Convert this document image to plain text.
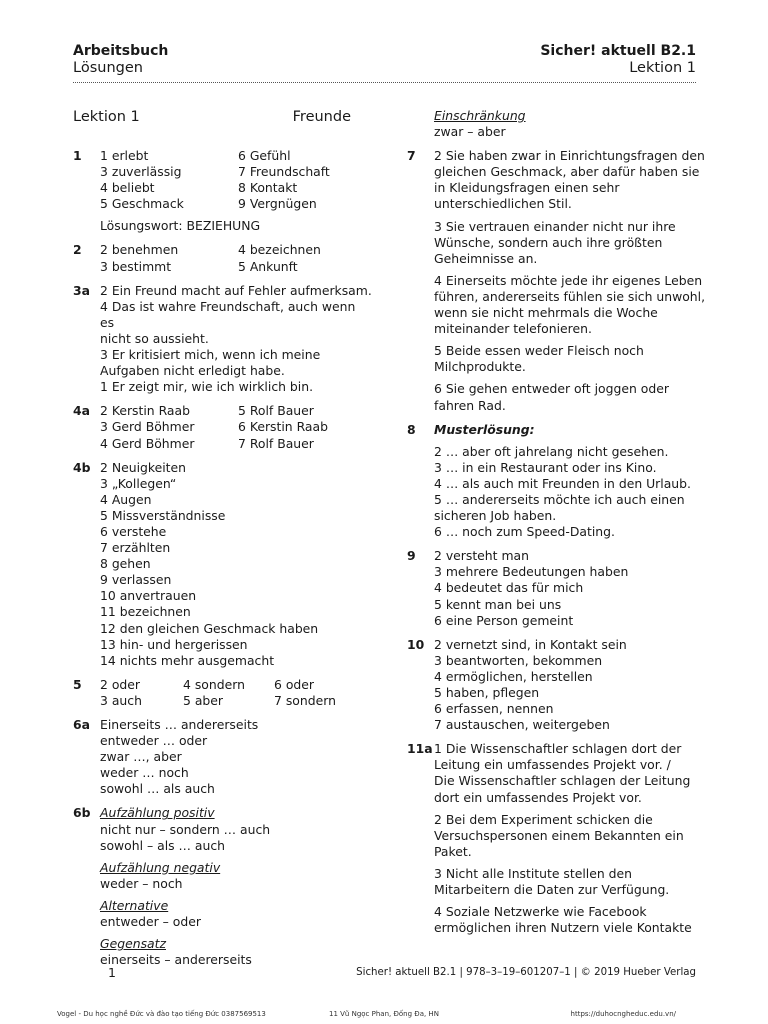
Arbeitsbuch
Lösungen
Sicher! aktuell B2.1
Lektion 1
Lektion 1	Freunde
1 1 erlebt	6 Gefühl
3 zuverlässig	7 Freundschaft
4 beliebt	8 Kontakt
5 Geschmack	9 Vergnügen
Lösungswort: BEZIEHUNG
2 2 benehmen	4 bezeichnen
3 bestimmt	5 Ankunft
3a 2 Ein Freund macht auf Fehler aufmerksam.
4 Das ist wahre Freundschaft, auch wenn es
nicht so aussieht.
3 Er kritisiert mich, wenn ich meine
Aufgaben nicht erledigt habe.
1 Er zeigt mir, wie ich wirklich bin.
4a 2 Kerstin Raab	5 Rolf Bauer
3 Gerd Böhmer	6 Kerstin Raab
4 Gerd Böhmer	7 Rolf Bauer
4b 2 Neuigkeiten
3 „Kollegen“
4 Augen
5 Missverständnisse
6 verstehe
7 erzählten
8 gehen
9 verlassen
10 anvertrauen
11 bezeichnen
12 den gleichen Geschmack haben
13 hin- und hergerissen
14 nichts mehr ausgemacht
5 2 oder	4 sondern	6 oder
3 auch	5 aber	7 sondern
6a Einerseits … andererseits
entweder … oder
zwar …, aber
weder … noch
sowohl … als auch
6b Aufzählung positiv
nicht nur – sondern … auch
sowohl – als … auch
Aufzählung negativ
weder – noch
Alternative
entweder – oder
Gegensatz
einerseits – andererseits
Einschränkung
zwar – aber
7 2 Sie haben zwar in Einrichtungsfragen den
gleichen Geschmack, aber dafür haben sie
in Kleidungsfragen einen sehr
unterschiedlichen Stil.
3 Sie vertrauen einander nicht nur ihre
Wünsche, sondern auch ihre größten
Geheimnisse an.
4 Einerseits möchte jede ihr eigenes Leben
führen, andererseits fühlen sie sich unwohl,
wenn sie nicht mehrmals die Woche
miteinander telefonieren.
5 Beide essen weder Fleisch noch
Milchprodukte.
6 Sie gehen entweder oft joggen oder
fahren Rad.
8 Musterlösung:
2 … aber oft jahrelang nicht gesehen.
3 … in ein Restaurant oder ins Kino.
4 … als auch mit Freunden in den Urlaub.
5 … andererseits möchte ich auch einen
sicheren Job haben.
6 … noch zum Speed-Dating.
9 2 versteht man
3 mehrere Bedeutungen haben
4 bedeutet das für mich
5 kennt man bei uns
6 eine Person gemeint
10 2 vernetzt sind, in Kontakt sein
3 beantworten, bekommen
4 ermöglichen, herstellen
5 haben, pflegen
6 erfassen, nennen
7 austauschen, weitergeben
11a 1 Die Wissenschaftler schlagen dort der
Leitung ein umfassendes Projekt vor. /
Die Wissenschaftler schlagen der Leitung
dort ein umfassendes Projekt vor.
2 Bei dem Experiment schicken die
Versuchspersonen einem Bekannten ein
Paket.
3 Nicht alle Institute stellen den
Mitarbeitern die Daten zur Verfügung.
4 Soziale Netzwerke wie Facebook
ermöglichen ihren Nutzern viele Kontakte
1	Sicher! aktuell B2.1 | 978–3–19–601207–1 | © 2019 Hueber Verlag
Vogel - Du học nghề Đức và đào tạo tiếng Đức 0387569513	11 Vũ Ngọc Phan, Đống Đa, HN	https://duhocngheduc.edu.vn/
